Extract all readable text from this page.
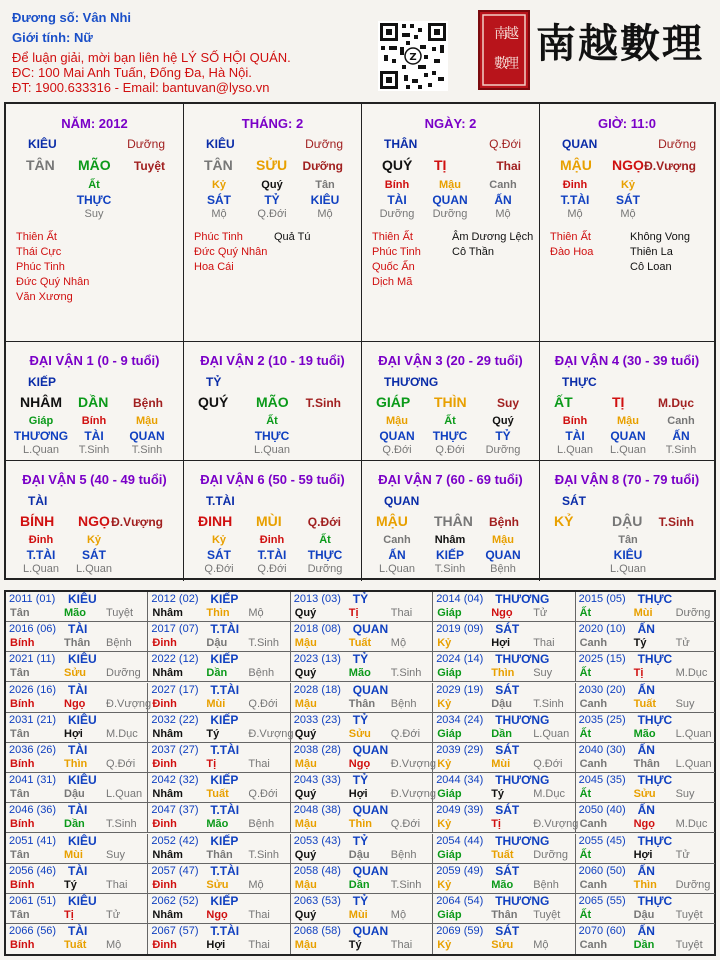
Đương số: Vân Nhi
Giới tính: Nữ
Để luận giải, mời bạn liên hệ LÝ SỐ HỘI QUÁN.
ĐC: 100 Mai Anh Tuấn, Đống Đa, Hà Nội.
ĐT: 1900.633316 - Email: bantuvan@lyso.vn
Z
南
越
數
理 南越數理
NĂM: 2012
KIÊU	Dưỡng
TÂN MÃO Tuyệt
Ất
THỰC
Suy
Thiên Ất
Thái Cực
Phúc Tinh
Đức Quý Nhân
Văn Xương
THÁNG: 2
KIÊU	Dưỡng
TÂN SỬU Dưỡng
Kỷ
SÁT
Mộ
Quý
TỶ
Q.Đới
Tân
KIÊU
Mộ
Phúc Tinh
Đức Quý Nhân
Hoa Cái
Quả Tú
NGÀY: 2
THÂN	Q.Đới
QUÝ TỊ	Thai
Bính
TÀI
Dưỡng
Mậu
QUAN
Dưỡng
Canh
ẤN
Mộ
Thiên Ất
Phúc Tinh
Quốc Ấn
Dịch Mã
Âm Dương Lệch
Cô Thần
GIỜ: 11:0
QUAN	Dưỡng
MẬU NGỌ Đ.Vượng
Đinh
T.TÀI
Mộ
Kỷ
SÁT
Mộ
Thiên Ất
Đào Hoa
Không Vong
Thiên La
Cô Loan
ĐẠI VẬN 1 (0 - 9 tuổi)
KIẾP
NHÂM DẦN Bệnh
Giáp
THƯƠNG
L.Quan
Bính
TÀI
T.Sinh
Mậu
QUAN
T.Sinh
ĐẠI VẬN 2 (10 - 19 tuổi)
TỶ
QUÝ MÃO T.Sinh
Ất
THỰC
L.Quan
ĐẠI VẬN 3 (20 - 29 tuổi)
THƯƠNG
GIÁP THÌN	Suy
Mậu
QUAN
Q.Đới
Ất
THỰC
Q.Đới
Quý
TỶ
Dưỡng
ĐẠI VẬN 4 (30 - 39 tuổi)
THỰC
ẤT	TỊ	M.Dục
Bính
TÀI
L.Quan
Mậu
QUAN
L.Quan
Canh
ẤN
T.Sinh
ĐẠI VẬN 5 (40 - 49 tuổi)
TÀI
BÍNH NGỌ Đ.Vượng
Đinh
T.TÀI
L.Quan
Kỷ
SÁT
L.Quan
ĐẠI VẬN 6 (50 - 59 tuổi)
T.TÀI
ĐINH MÙI Q.Đới
Kỷ
SÁT
Q.Đới
Đinh
T.TÀI
Q.Đới
Ất
THỰC
Dưỡng
ĐẠI VẬN 7 (60 - 69 tuổi)
QUAN
MẬU THÂN Bệnh
Canh
ẤN
L.Quan
Nhâm
KIẾP
T.Sinh
Mậu
QUAN
Bệnh
ĐẠI VẬN 8 (70 - 79 tuổi)
SÁT
KỶ	DẬU T.Sinh
Tân
KIÊU
L.Quan
2011 (01) KIÊU
Tân	Mão Tuyệt
2012 (02) KIẾP
Nhâm Thìn Mộ
2013 (03) TỶ
Quý	Tị	Thai
2014 (04) THƯƠNG
Giáp	Ngọ Tử
2015 (05) THỰC
Ất	Mùi Dưỡng
2016 (06) TÀI
Bính	Thân Bệnh
2017 (07) T.TÀI
Đinh	Dậu T.Sinh
2018 (08) QUAN
Mậu	Tuất Mộ
2019 (09) SÁT
Kỷ	Hợi Thai
2020 (10) ẤN
Canh Tý	Tử
2021 (11) KIÊU
Tân	Sửu Dưỡng
2022 (12) KIẾP
Nhâm Dần Bệnh
2023 (13) TỶ
Quý	Mão T.Sinh
2024 (14) THƯƠNG
Giáp	Thìn Suy
2025 (15) THỰC
Ất	Tị	M.Dục
2026 (16) TÀI
Bính	Ngọ Đ.Vượng
2027 (17) T.TÀI
Đinh	Mùi Q.Đới
2028 (18) QUAN
Mậu	Thân Bệnh
2029 (19) SÁT
Kỷ	Dậu T.Sinh
2030 (20) ẤN
Canh Tuất Suy
2031 (21) KIÊU
Tân	Hợi M.Dục
2032 (22) KIẾP
Nhâm Tý	Đ.Vượng
2033 (23) TỶ
Quý	Sửu Q.Đới
2034 (24) THƯƠNG
Giáp	Dần L.Quan
2035 (25) THỰC
Ất	Mão L.Quan
2036 (26) TÀI
Bính	Thìn Q.Đới
2037 (27) T.TÀI
Đinh	Tị	Thai
2038 (28) QUAN
Mậu	Ngọ Đ.Vượng
2039 (29) SÁT
Kỷ	Mùi Q.Đới
2040 (30) ẤN
Canh Thân L.Quan
2041 (31) KIÊU
Tân	Dậu L.Quan
2042 (32) KIẾP
Nhâm Tuất Q.Đới
2043 (33) TỶ
Quý	Hợi Đ.Vượng
2044 (34) THƯƠNG
Giáp	Tý	M.Dục
2045 (35) THỰC
Ất	Sửu Suy
2046 (36) TÀI
Bính	Dần T.Sinh
2047 (37) T.TÀI
Đinh	Mão Bệnh
2048 (38) QUAN
Mậu	Thìn Q.Đới
2049 (39) SÁT
Kỷ	Tị	Đ.Vượng
2050 (40) ẤN
Canh Ngọ M.Dục
2051 (41) KIÊU
Tân	Mùi Suy
2052 (42) KIẾP
Nhâm Thân T.Sinh
2053 (43) TỶ
Quý	Dậu Bệnh
2054 (44) THƯƠNG
Giáp	Tuất Dưỡng
2055 (45) THỰC
Ất	Hợi Tử
2056 (46) TÀI
Bính	Tý	Thai
2057 (47) T.TÀI
Đinh	Sửu Mộ
2058 (48) QUAN
Mậu	Dần T.Sinh
2059 (49) SÁT
Kỷ	Mão Bệnh
2060 (50) ẤN
Canh Thìn Dưỡng
2061 (51) KIÊU
Tân	Tị	Tử
2062 (52) KIẾP
Nhâm Ngọ Thai
2063 (53) TỶ
Quý	Mùi Mộ
2064 (54) THƯƠNG
Giáp	Thân Tuyệt
2065 (55) THỰC
Ất	Dậu Tuyệt
2066 (56) TÀI
Bính	Tuất Mộ
2067 (57) T.TÀI
Đinh	Hợi Thai
2068 (58) QUAN
Mậu	Tý	Thai
2069 (59) SÁT
Kỷ	Sửu Mộ
2070 (60) ẤN
Canh Dần Tuyệt
